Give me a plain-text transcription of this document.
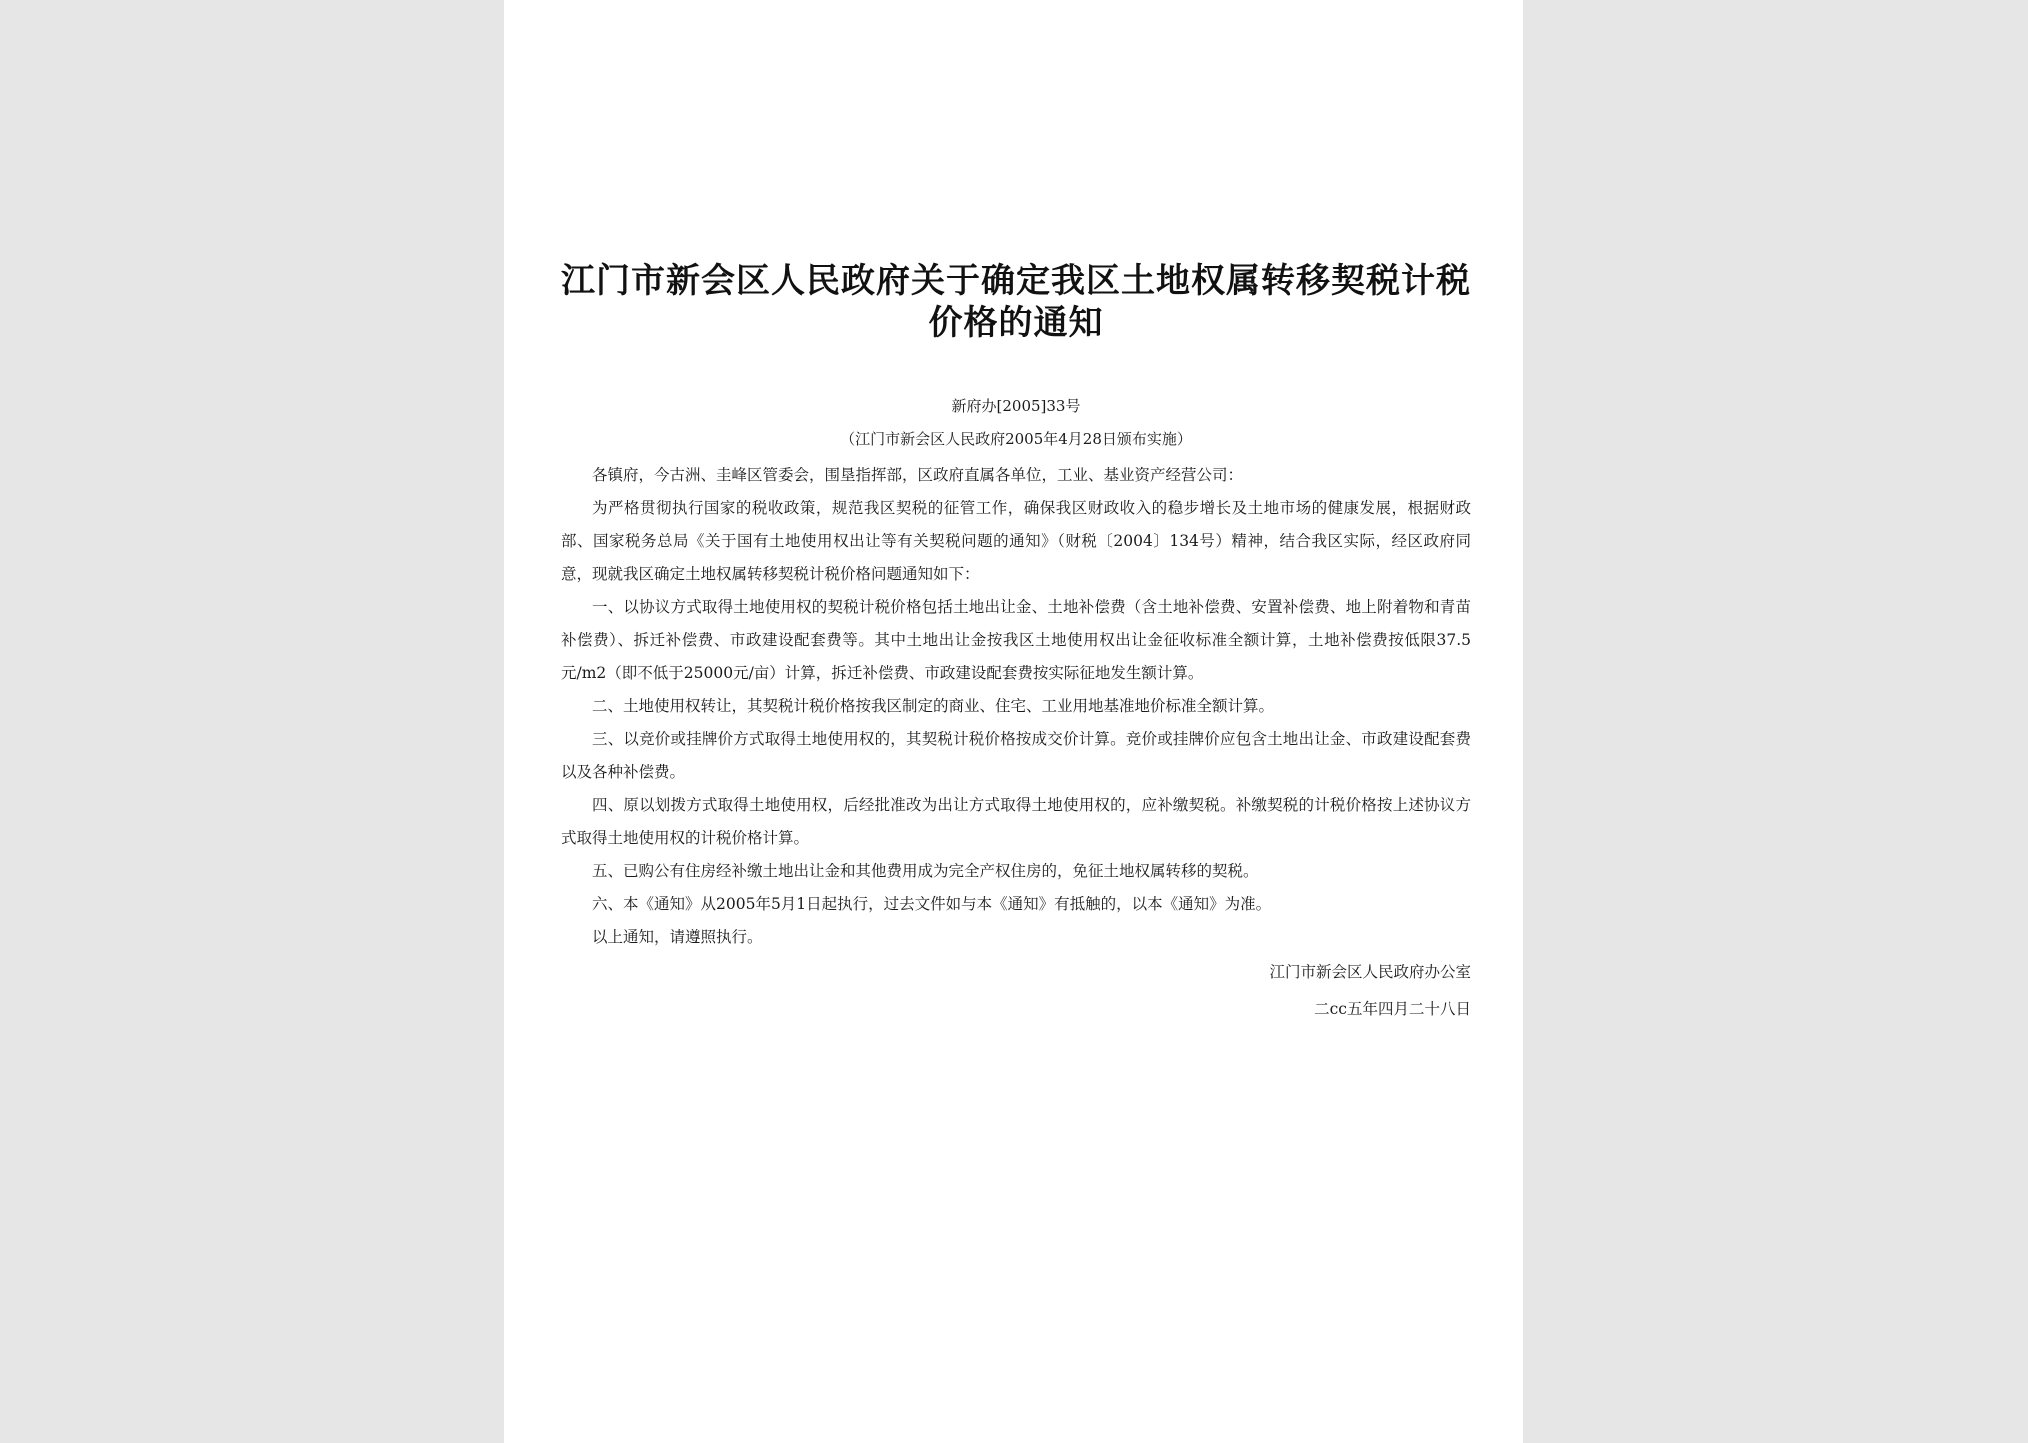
江门市新会区人民政府关于确定我区土地权属转移契税计税价格的通知
新府办[2005]33号
（江门市新会区人民政府2005年4月28日颁布实施）

各镇府，今古洲、圭峰区管委会，围垦指挥部，区政府直属各单位，工业、基业资产经营公司：

为严格贯彻执行国家的税收政策，规范我区契税的征管工作，确保我区财政收入的稳步增长及土地市场的健康发展，根据财政部、国家税务总局《关于国有土地使用权出让等有关契税问题的通知》（财税〔2004〕134号）精神，结合我区实际，经区政府同意，现就我区确定土地权属转移契税计税价格问题通知如下：

一、以协议方式取得土地使用权的契税计税价格包括土地出让金、土地补偿费（含土地补偿费、安置补偿费、地上附着物和青苗补偿费）、拆迁补偿费、市政建设配套费等。其中土地出让金按我区土地使用权出让金征收标准全额计算，土地补偿费按低限37.5元/m2（即不低于25000元/亩）计算，拆迁补偿费、市政建设配套费按实际征地发生额计算。

二、土地使用权转让，其契税计税价格按我区制定的商业、住宅、工业用地基准地价标准全额计算。

三、以竞价或挂牌价方式取得土地使用权的，其契税计税价格按成交价计算。竞价或挂牌价应包含土地出让金、市政建设配套费以及各种补偿费。

四、原以划拨方式取得土地使用权，后经批准改为出让方式取得土地使用权的，应补缴契税。补缴契税的计税价格按上述协议方式取得土地使用权的计税价格计算。

五、已购公有住房经补缴土地出让金和其他费用成为完全产权住房的，免征土地权属转移的契税。

六、本《通知》从2005年5月1日起执行，过去文件如与本《通知》有抵触的，以本《通知》为准。

以上通知，请遵照执行。

江门市新会区人民政府办公室
二cc五年四月二十八日
